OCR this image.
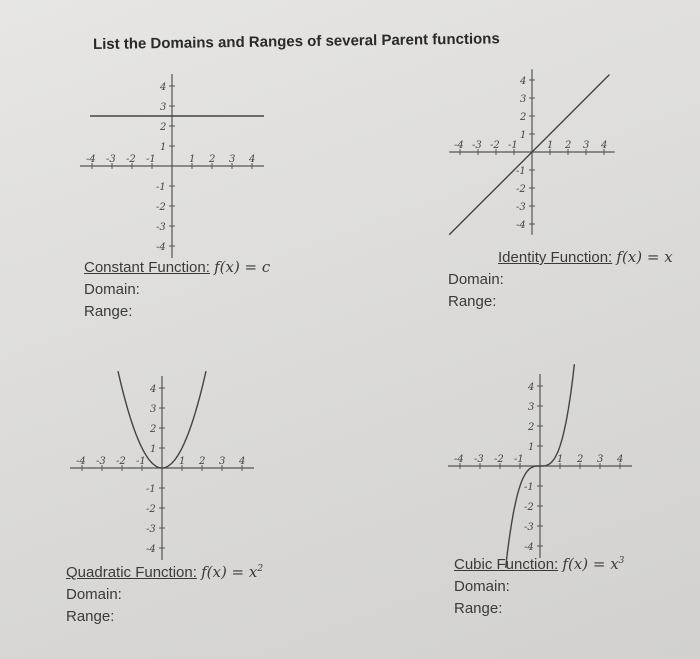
List the Domains and Ranges of several Parent functions
1
-4
1
-1
2
-3
2
-2
3
-2
3
-3
4
-1
4
-4
1
-4
1
-1
2
-3
2
-2
3
-2
3
-3
4
-1
4
-4
1
-4
1
-1
2
-3
2
-2
3
-2
3
-3
4
-1
4
-4
1
-4
1
-1
2
-3
2
-2
3
-2
3
-3
4
-1
4
-4
Constant Function: f(x) = c
Domain:
Range:
Identity Function: f(x) = x
Domain:
Range:
Quadratic Function: $f(x) = x^2$
Domain:
Range:
Cubic Function: $f(x) = x^3$
Domain:
Range:
